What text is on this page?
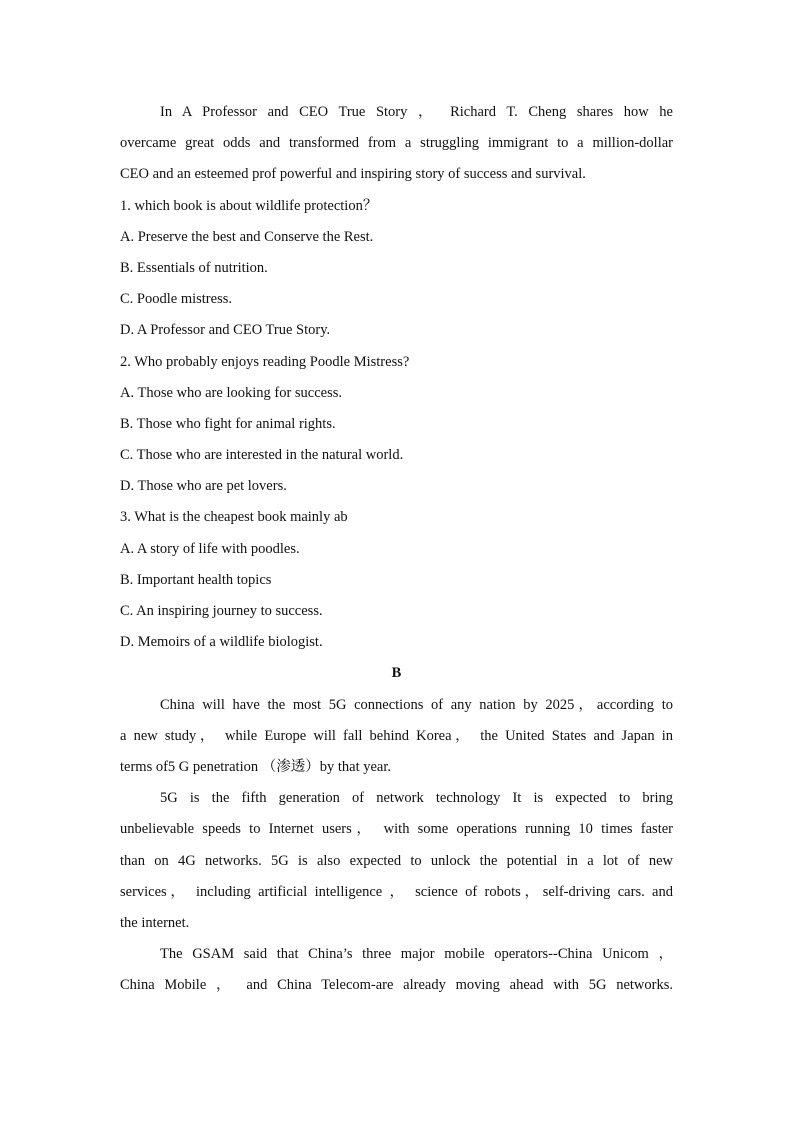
In A Professor and CEO True Story ， Richard T. Cheng shares how he
overcame great odds and transformed from a struggling immigrant to a million-dollar
CEO and an esteemed prof powerful and inspiring story of success and survival.
1. which book is about wildlife protection？
A. Preserve the best and Conserve the Rest.
B. Essentials of nutrition.
C. Poodle mistress.
D. A Professor and CEO True Story.
2. Who probably enjoys reading Poodle Mistress?
A. Those who are looking for success.
B. Those who fight for animal rights.
C. Those who are interested in the natural world.
D. Those who are pet lovers.
3. What is the cheapest book mainly ab
A. A story of life with poodles.
B. Important health topics
C. An inspiring journey to success.
D. Memoirs of a wildlife biologist.
B
China will have the most 5G connections of any nation by 2025，according to
a new study， while Europe will fall behind Korea， the United States and Japan in
terms of5 G penetration （渗透）by that year.
5G is the fifth generation of network technology It is expected to bring
unbelievable speeds to Internet users， with some operations running 10 times faster
than on 4G networks. 5G is also expected to unlock the potential in a lot of new
services， including artificial intelligence ， science of robots，self-driving cars. and
the internet.
The GSAM said that China’s three major mobile operators--China Unicom ，
China Mobile ， and China Telecom-are already moving ahead with 5G networks.
